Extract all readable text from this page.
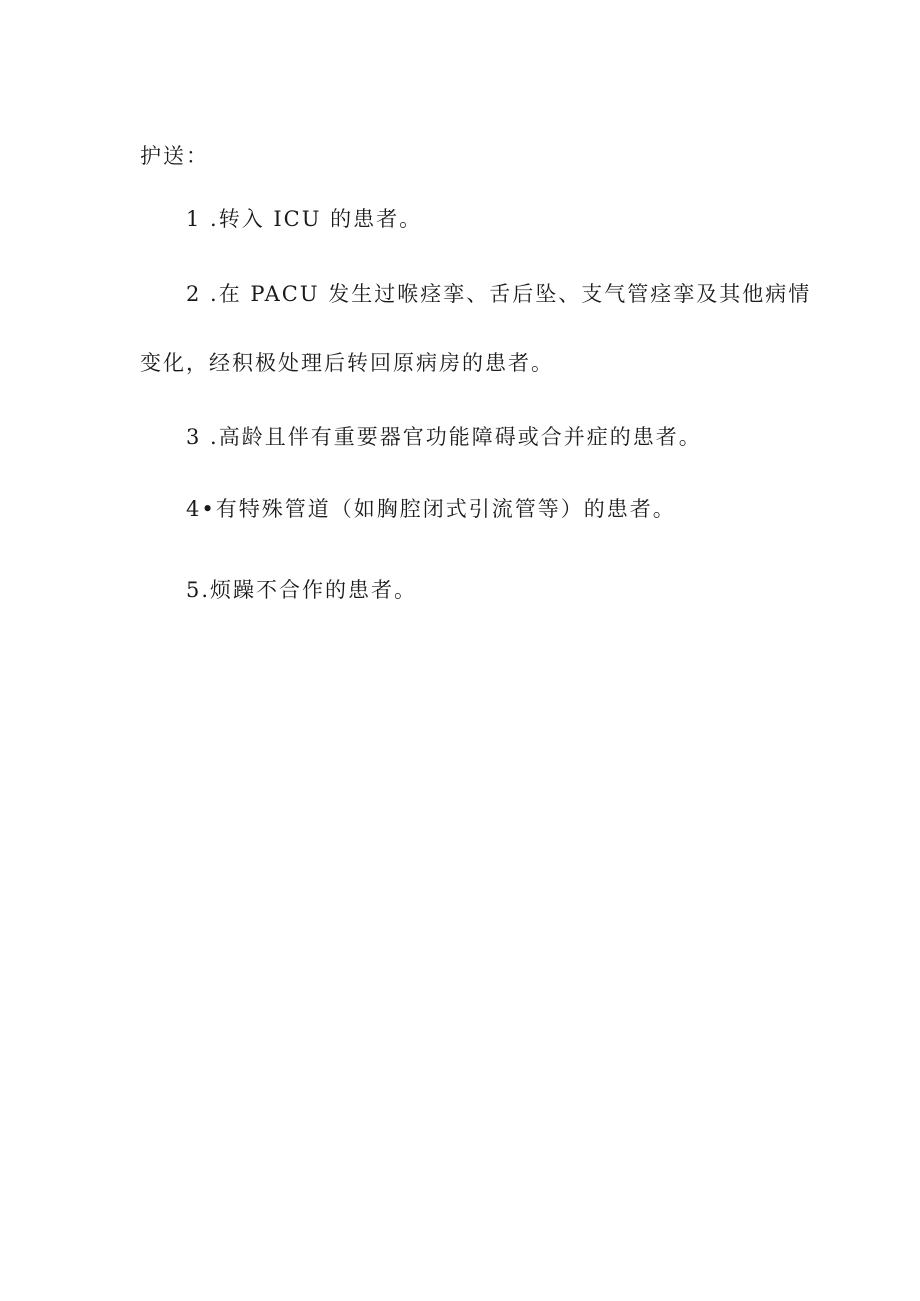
护送：

1 .转入 ICU 的患者。

2 .在 PACU 发生过喉痉挛、舌后坠、支气管痉挛及其他病情

变化，经积极处理后转回原病房的患者。

3 .高龄且伴有重要器官功能障碍或合并症的患者。

4•有特殊管道（如胸腔闭式引流管等）的患者。

5.烦躁不合作的患者。
